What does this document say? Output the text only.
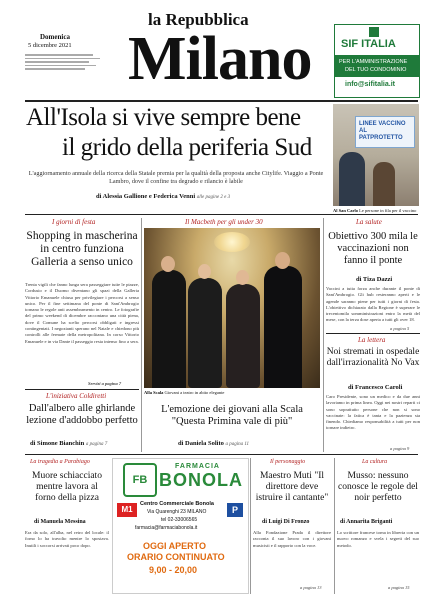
la Repubblica
Domenica
5 dicembre 2021 Milano	SIF ITALIA
PER L'AMMINISTRAZIONE
DEL TUO CONDOMINIO
info@sifitalia.it
All'Isola si vive sempre bene
il grido della periferia Sud
L'aggiornamento annuale della ricerca della Statale premia per la qualità della proposta anche Citylife. Viaggio a Ponte Lambro, dove il confine tra degrado e rilancio è labile
di Alessia Gallione e Federica Venni alle pagine 2 e 3
LINEE VACCINO AL PATPROTETTO
Al San Carlo Le persone in fila per il vaccino
I giorni di festa
Shopping in mascherina in centro funziona Galleria a senso unico
Trenta vigili che fanno lunga sera passeggiare tutte le piazze, Cordusio e il Duomo diventano gli spazi della Galleria Vittorio Emanuele chiusa per privilegiare i percorsi a senso unico. Per il fine settimana del ponte di Sant'Ambrogio tornano le regole anti assembramento in centro. Le fotografie del primo weekend di dicembre raccontano una città piena, dove il Comune ha scelto percorsi obbligati e ingressi contingentati. I negozianti sperano nel Natale e chiedono più controlli alle fermate della metropolitana. In corso Vittorio Emanuele e in via Dante il passeggio resta intenso fino a sera.
Servizi a pagina 7
L'iniziativa Coldiretti
Dall'albero alle ghirlande lezione d'addobbo perfetto
di Simone Bianchin a pagina 7
Il Macbeth per gli under 30
Alla Scala Giovani a teatro in abito elegante
L'emozione dei giovani alla Scala "Questa Primina vale di più"
di Daniela Solito a pagina 11
La salute
Obiettivo 300 mila le vaccinazioni non fanno il ponte
di Tiza Dazzi
Vaccini a tutta forza anche durante il ponte di Sant'Ambrogio. Gli hub resteranno aperti e le agende saranno piene per tutti i giorni di festa. L'obiettivo dichiarato dalla Regione è superare le trecentomila somministrazioni entro la metà del mese, con la terza dose aperta a tutti gli over 18.
a pagina 5
La lettera
Noi stremati in ospedale dall'irrazionalità No Vax
di Francesco Caroli
Caro Presidente, sono un medico e da due anni lavoriamo in prima linea. Oggi nei nostri reparti ci sono soprattutto persone che non si sono vaccinate: la fatica è tanta e la pazienza sta finendo. Chiediamo responsabilità a tutti per non tornare indietro.
a pagina 9
La tragedia a Parabiago
Muore schiacciato mentre lavora al forno della pizza
di Manuela Messina
Era da solo, all'alba, nel retro del locale: il forno lo ha travolto mentre lo spostava. Inutili i soccorsi arrivati poco dopo.
FB
FARMACIA
BONOLA
M1	P
Centro Commerciale Bonola
Via Quarenghi 23 MILANO
tel 02-33006565
farmacia@farmaciabonola.it
OGGI APERTO
ORARIO CONTINUATO
9,00 - 20,00
Il personaggio
Maestro Muti "Il direttore deve istruire il cantante"
di Luigi Di Fronzo
Alla Fondazione Prada il direttore racconta il suo lavoro con i giovani musicisti e il rapporto con la voce.
a pagina 13
La cultura
Musso: nessuno conosce le regole del noir perfetto
di Annarita Briganti
Lo scrittore francese torna in libreria con un nuovo romanzo e svela i segreti del suo metodo.
a pagina 15
